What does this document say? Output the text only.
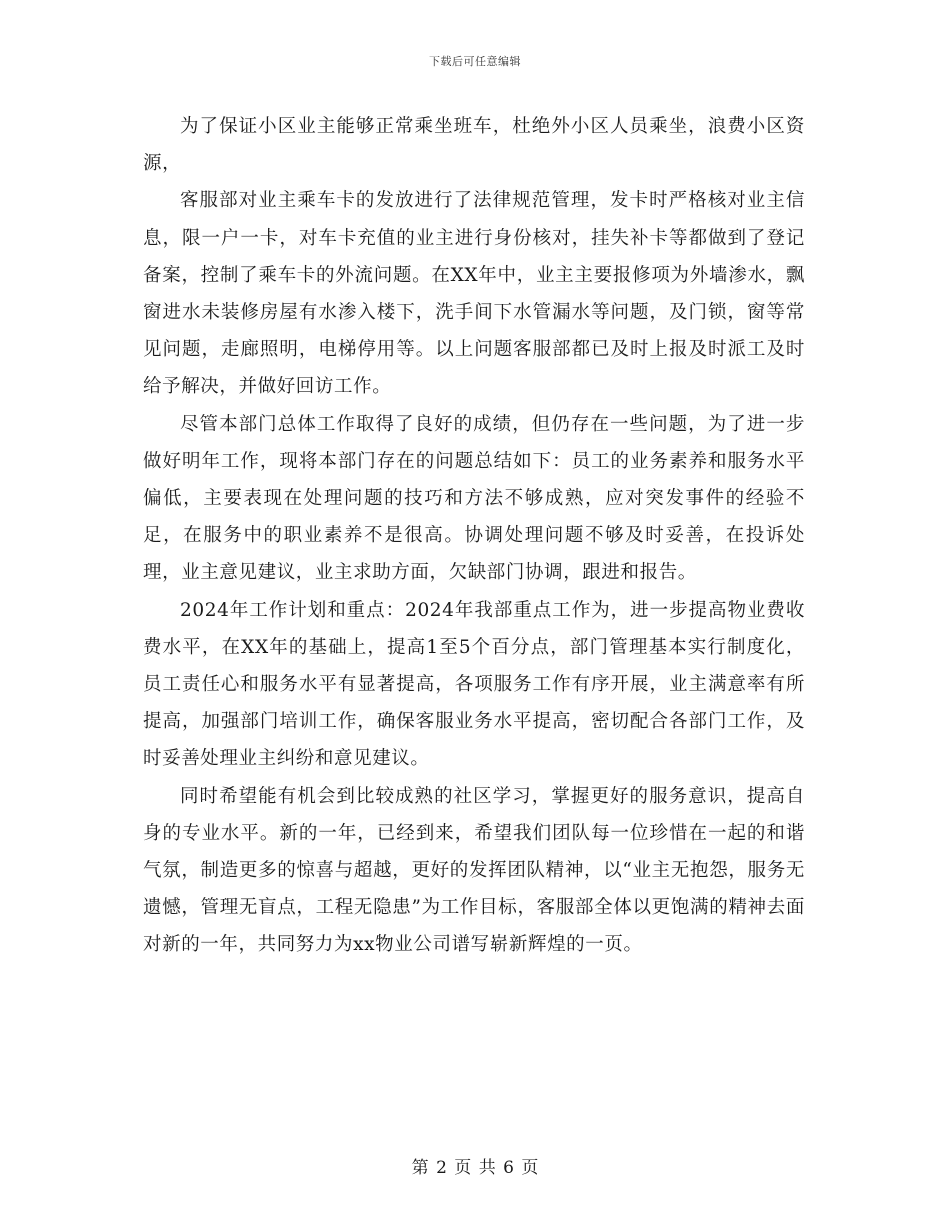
下载后可任意编辑

为了保证小区业主能够正常乘坐班车，杜绝外小区人员乘坐，浪费小区资源，

客服部对业主乘车卡的发放进行了法律规范管理，发卡时严格核对业主信息，限一户一卡，对车卡充值的业主进行身份核对，挂失补卡等都做到了登记备案，控制了乘车卡的外流问题。在XX年中，业主主要报修项为外墙渗水，飘窗进水未装修房屋有水渗入楼下，洗手间下水管漏水等问题，及门锁，窗等常见问题，走廊照明，电梯停用等。以上问题客服部都已及时上报及时派工及时给予解决，并做好回访工作。

尽管本部门总体工作取得了良好的成绩，但仍存在一些问题，为了进一步做好明年工作，现将本部门存在的问题总结如下：员工的业务素养和服务水平偏低，主要表现在处理问题的技巧和方法不够成熟，应对突发事件的经验不足，在服务中的职业素养不是很高。协调处理问题不够及时妥善，在投诉处理，业主意见建议，业主求助方面，欠缺部门协调，跟进和报告。

2024年工作计划和重点：2024年我部重点工作为，进一步提高物业费收费水平，在XX年的基础上，提高1至5个百分点，部门管理基本实行制度化，员工责任心和服务水平有显著提高，各项服务工作有序开展，业主满意率有所提高，加强部门培训工作，确保客服业务水平提高，密切配合各部门工作，及时妥善处理业主纠纷和意见建议。

同时希望能有机会到比较成熟的社区学习，掌握更好的服务意识，提高自身的专业水平。新的一年，已经到来，希望我们团队每一位珍惜在一起的和谐气氛，制造更多的惊喜与超越，更好的发挥团队精神，以“业主无抱怨，服务无遗憾，管理无盲点，工程无隐患”为工作目标，客服部全体以更饱满的精神去面对新的一年，共同努力为xx物业公司谱写崭新辉煌的一页。

第 2 页 共 6 页
